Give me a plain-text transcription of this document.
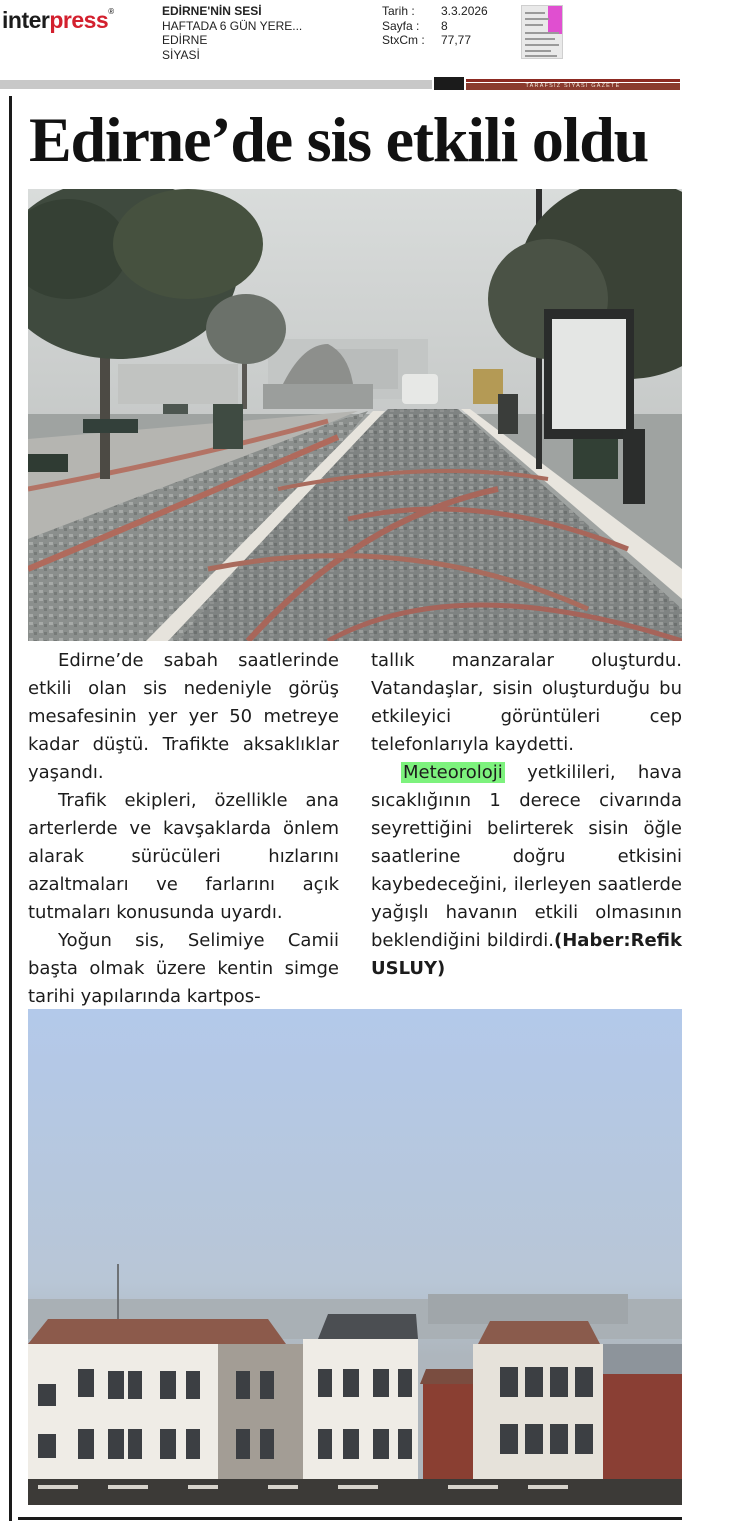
interpress®	EDİRNE'NİN SESİ
HAFTADA 6 GÜN YERE...
EDİRNE
SİYASİ
Tarih :	3.3.2026
Sayfa :	8
StxCm :	77,77
TARAFSIZ SİYASİ GAZETE
Edirne’de sis etkili oldu

Edirne’de sabah saatlerinde etkili olan sis nedeniyle görüş mesafesinin yer yer 50 metreye kadar düştü. Trafikte aksaklıklar yaşandı.

Trafik ekipleri, özellikle ana arterlerde ve kavşaklarda önlem alarak sürücüleri hızlarını azaltmaları ve farlarını açık tutmaları konusunda uyardı.

Yoğun sis, Selimiye Camii başta olmak üzere kentin simge tarihi yapılarında kartpos-

tallık manzaralar oluşturdu. Vatandaşlar, sisin oluşturduğu bu etkileyici görüntüleri cep telefonlarıyla kaydetti.

Meteoroloji yetkilileri, hava sıcaklığının 1 derece civarında seyrettiğini belirterek sisin öğle saatlerine doğru etkisini kaybedeceğini, ilerleyen saatlerde yağışlı havanın etkili olmasının beklendiğini bildirdi.(Haber:Refik USLUY)
